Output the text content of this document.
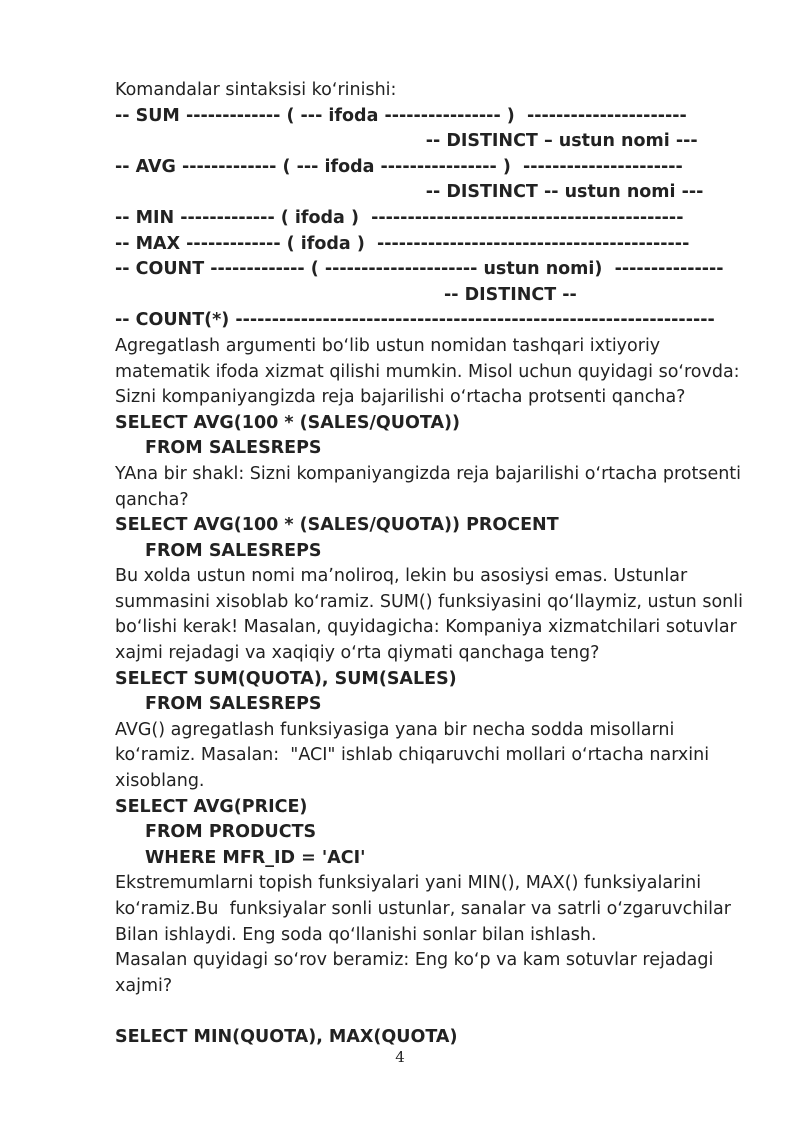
Komandalar sintaksisi koʻrinishi:
-- SUM ------------- ( --- ifoda ---------------- )  ----------------------
-- DISTINCT – ustun nomi ---
-- AVG ------------- ( --- ifoda ---------------- )  ----------------------
-- DISTINCT -- ustun nomi ---
-- MIN ------------- ( ifoda )  -------------------------------------------
-- MAX ------------- ( ifoda )  -------------------------------------------
-- COUNT ------------- ( --------------------- ustun nomi)  ---------------
-- DISTINCT --
-- COUNT(*) ------------------------------------------------------------------
Agregatlash argumenti boʻlib ustun nomidan tashqari ixtiyoriy
matematik ifoda xizmat qilishi mumkin. Misol uchun quyidagi soʻrovda:
Sizni kompaniyangizda reja bajarilishi oʻrtacha protsenti qancha?
SELECT AVG(100 * (SALES/QUOTA))
FROM SALESREPS
YAna bir shakl: Sizni kompaniyangizda reja bajarilishi oʻrtacha protsenti
qancha?
SELECT AVG(100 * (SALES/QUOTA)) PROCENT
FROM SALESREPS
Bu xolda ustun nomi maʼnoliroq, lekin bu asosiysi emas. Ustunlar
summasini xisoblab koʻramiz. SUM() funksiyasini qoʻllaymiz, ustun sonli
boʻlishi kerak! Masalan, quyidagicha: Kompaniya xizmatchilari sotuvlar
xajmi rejadagi va xaqiqiy oʻrta qiymati qanchaga teng?
SELECT SUM(QUOTA), SUM(SALES)
FROM SALESREPS
AVG() agregatlash funksiyasiga yana bir necha sodda misollarni
koʻramiz. Masalan:  "ACI" ishlab chiqaruvchi mollari oʻrtacha narxini
xisoblang.
SELECT AVG(PRICE)
FROM PRODUCTS
WHERE MFR_ID = 'ACI'
Ekstremumlarni topish funksiyalari yani MIN(), MAX() funksiyalarini
koʻramiz.Bu  funksiyalar sonli ustunlar, sanalar va satrli oʻzgaruvchilar
Bilan ishlaydi. Eng soda qoʻllanishi sonlar bilan ishlash.
Masalan quyidagi soʻrov beramiz: Eng koʻp va kam sotuvlar rejadagi
xajmi?
SELECT MIN(QUOTA), MAX(QUOTA)
4
